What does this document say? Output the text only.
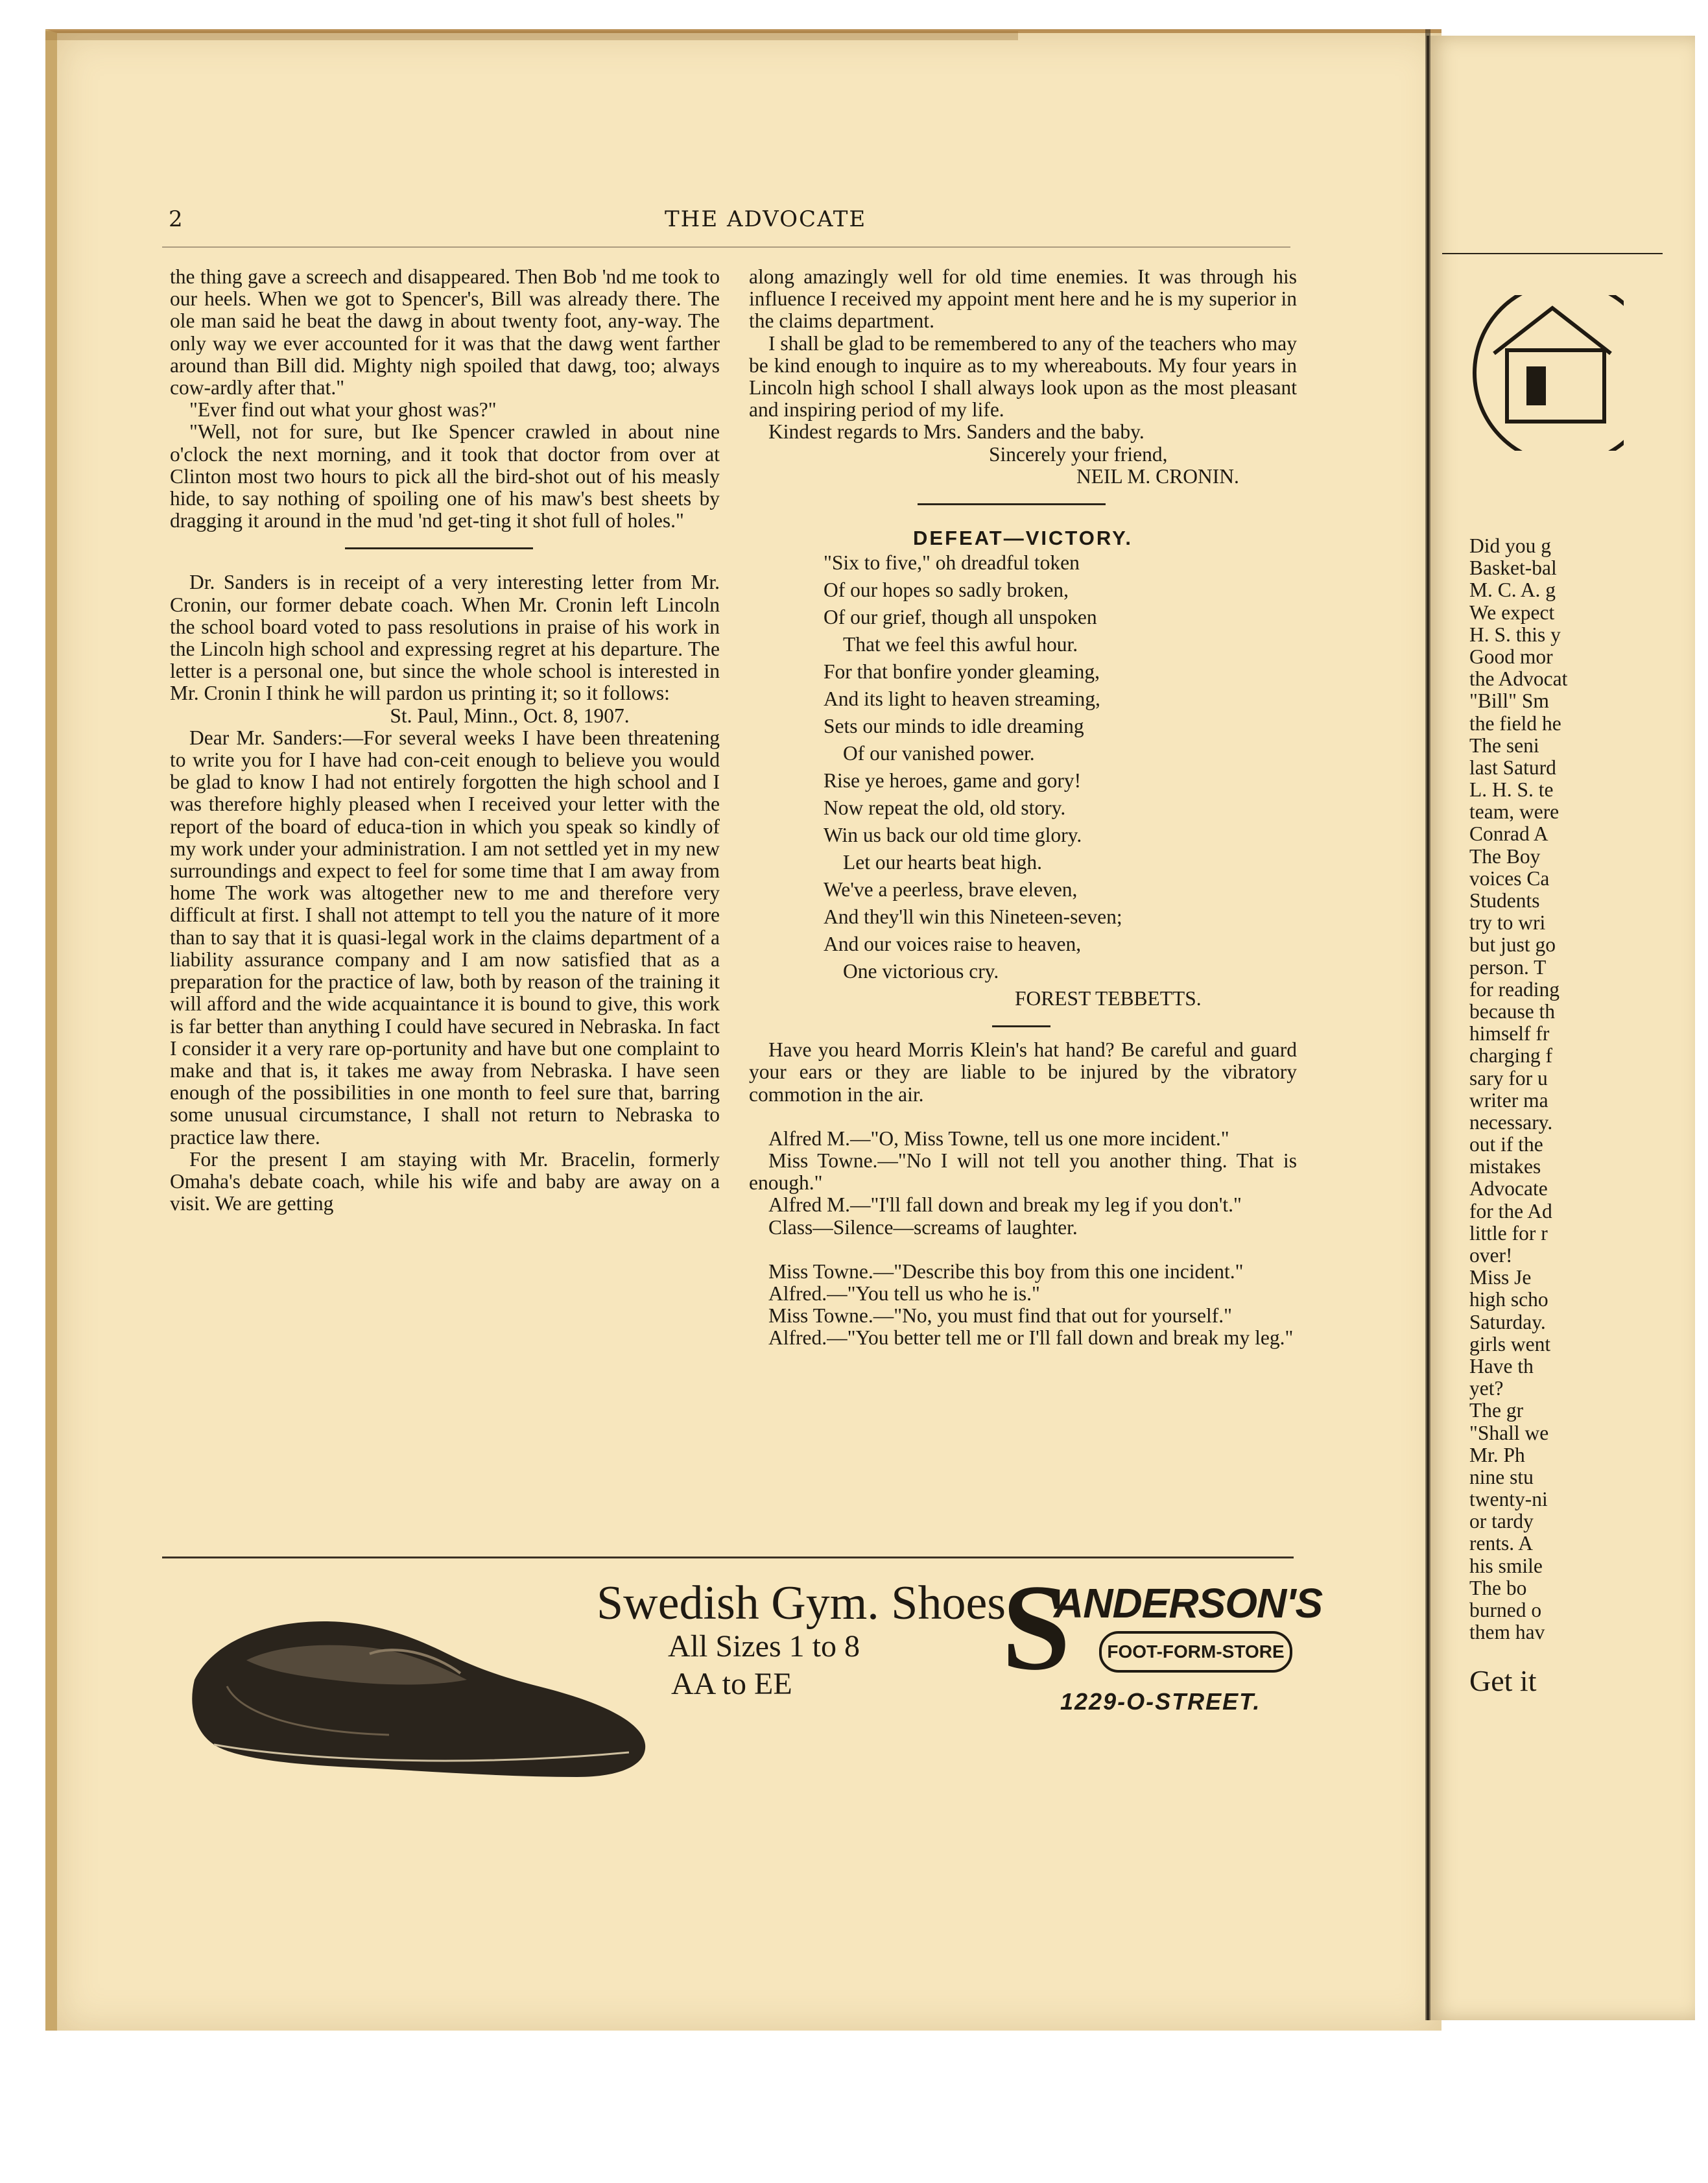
2	THE ADVOCATE

the thing gave a screech and disappeared. Then Bob 'nd me took to our heels. When we got to Spencer's, Bill was already there. The ole man said he beat the dawg in about twenty foot, any-way. The only way we ever accounted for it was that the dawg went farther around than Bill did. Mighty nigh spoiled that dawg, too; always cow-ardly after that."

"Ever find out what your ghost was?"

"Well, not for sure, but Ike Spencer crawled in about nine o'clock the next morning, and it took that doctor from over at Clinton most two hours to pick all the bird-shot out of his measly hide, to say nothing of spoiling one of his maw's best sheets by dragging it around in the mud 'nd get-ting it shot full of holes."

Dr. Sanders is in receipt of a very interesting letter from Mr. Cronin, our former debate coach. When Mr. Cronin left Lincoln the school board voted to pass resolutions in praise of his work in the Lincoln high school and expressing regret at his departure. The letter is a personal one, but since the whole school is interested in Mr. Cronin I think he will pardon us printing it; so it follows:

St. Paul, Minn., Oct. 8, 1907.

Dear Mr. Sanders:—For several weeks I have been threatening to write you for I have had con-ceit enough to believe you would be glad to know I had not entirely forgotten the high school and I was therefore highly pleased when I received your letter with the report of the board of educa-tion in which you speak so kindly of my work under your administration. I am not settled yet in my new surroundings and expect to feel for some time that I am away from home The work was altogether new to me and therefore very difficult at first. I shall not attempt to tell you the nature of it more than to say that it is quasi-legal work in the claims department of a liability assurance company and I am now satisfied that as a preparation for the practice of law, both by reason of the training it will afford and the wide acquaintance it is bound to give, this work is far better than anything I could have secured in Nebraska. In fact I consider it a very rare op-portunity and have but one complaint to make and that is, it takes me away from Nebraska. I have seen enough of the possibilities in one month to feel sure that, barring some unusual circumstance, I shall not return to Nebraska to practice law there.

For the present I am staying with Mr. Bracelin, formerly Omaha's debate coach, while his wife and baby are away on a visit. We are getting

along amazingly well for old time enemies. It was through his influence I received my appoint ment here and he is my superior in the claims department.

I shall be glad to be remembered to any of the teachers who may be kind enough to inquire as to my whereabouts. My four years in Lincoln high school I shall always look upon as the most pleasant and inspiring period of my life.

Kindest regards to Mrs. Sanders and the baby.

Sincerely your friend,

NEIL M. CRONIN.

DEFEAT—VICTORY.

"Six to five," oh dreadful token

Of our hopes so sadly broken,

Of our grief, though all unspoken

That we feel this awful hour.

For that bonfire yonder gleaming,

And its light to heaven streaming,

Sets our minds to idle dreaming

Of our vanished power.

Rise ye heroes, game and gory!

Now repeat the old, old story.

Win us back our old time glory.

Let our hearts beat high.

We've a peerless, brave eleven,

And they'll win this Nineteen-seven;

And our voices raise to heaven,

One victorious cry.

FOREST TEBBETTS.

Have you heard Morris Klein's hat hand? Be careful and guard your ears or they are liable to be injured by the vibratory commotion in the air.

Alfred M.—"O, Miss Towne, tell us one more incident."

Miss Towne.—"No I will not tell you another thing. That is enough."

Alfred M.—"I'll fall down and break my leg if you don't."

Class—Silence—screams of laughter.

Miss Towne.—"Describe this boy from this one incident."

Alfred.—"You tell us who he is."

Miss Towne.—"No, you must find that out for yourself."

Alfred.—"You better tell me or I'll fall down and break my leg."

Swedish Gym. Shoes
All Sizes 1 to 8
AA to EE	S
ANDERSON'S
FOOT-FORM-STORE
1229-O-STREET.
Did you g
Basket-bal
M. C. A. g
We expect
H. S. this y
Good mor
the Advocat
"Bill" Sm
the field he
The seni
last Saturd
L. H. S. te
team, were
Conrad A
The Boy
voices Ca
Students
try to wri
but just go
person. T
for reading
because th
himself fr
charging f
sary for u
writer ma
necessary.
out if the
mistakes
Advocate
for the Ad
little for r
over!
Miss Je
high scho
Saturday.
girls went
Have th
yet?
The gr
"Shall we
Mr. Ph
nine stu
twenty-ni
or tardy
rents. A
his smile
The bo
burned o
them hav
Get it
